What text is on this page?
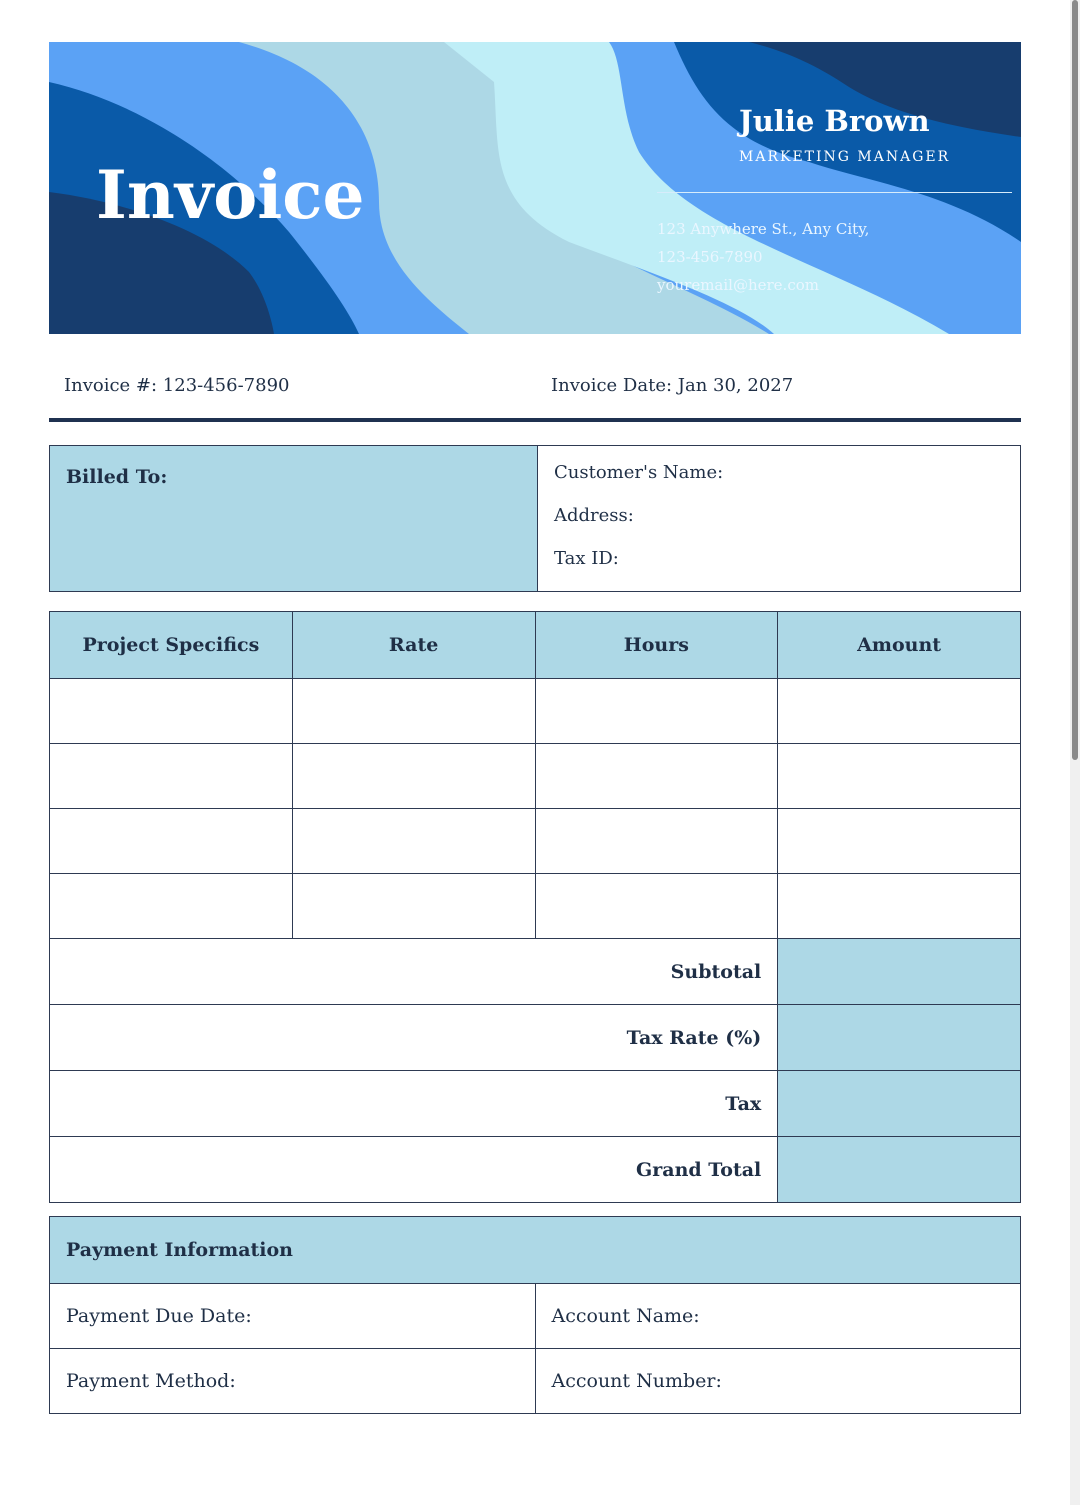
Invoice
Julie Brown
MARKETING MANAGER
123 Anywhere St., Any City,
123-456-7890
youremail@here.com
Invoice #: 123-456-7890	Invoice Date: Jan 30, 2027
Billed To:	Customer's Name:
Address:
Tax ID:
Project Specifics	Rate	Hours	Amount

Subtotal			
Tax Rate (%)			
Tax			
Grand Total			
Payment Information	
Payment Due Date:	Account Name:
Payment Method:	Account Number:
